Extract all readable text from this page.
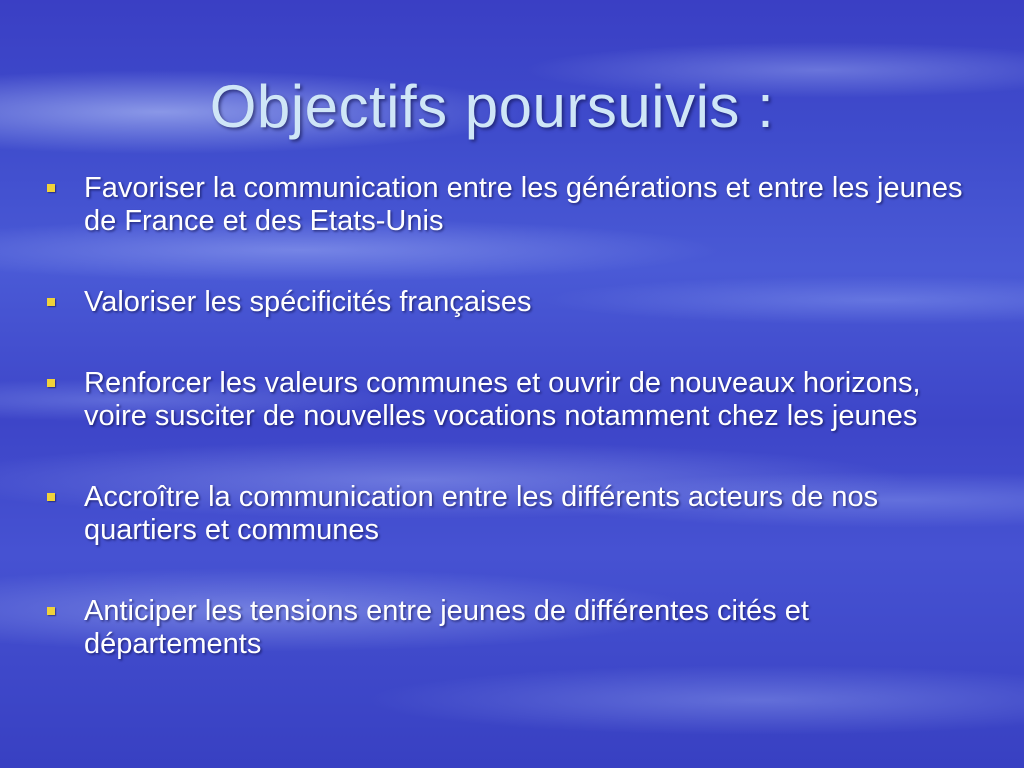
Objectifs poursuivis :
Favoriser la communication entre les générations et entre les jeunes de France et des Etats-Unis
Valoriser les spécificités françaises
Renforcer les valeurs communes et ouvrir de nouveaux horizons, voire susciter de nouvelles vocations notamment chez les jeunes
Accroître la communication entre les différents acteurs de nos quartiers et communes
Anticiper les tensions entre jeunes de différentes cités et départements
